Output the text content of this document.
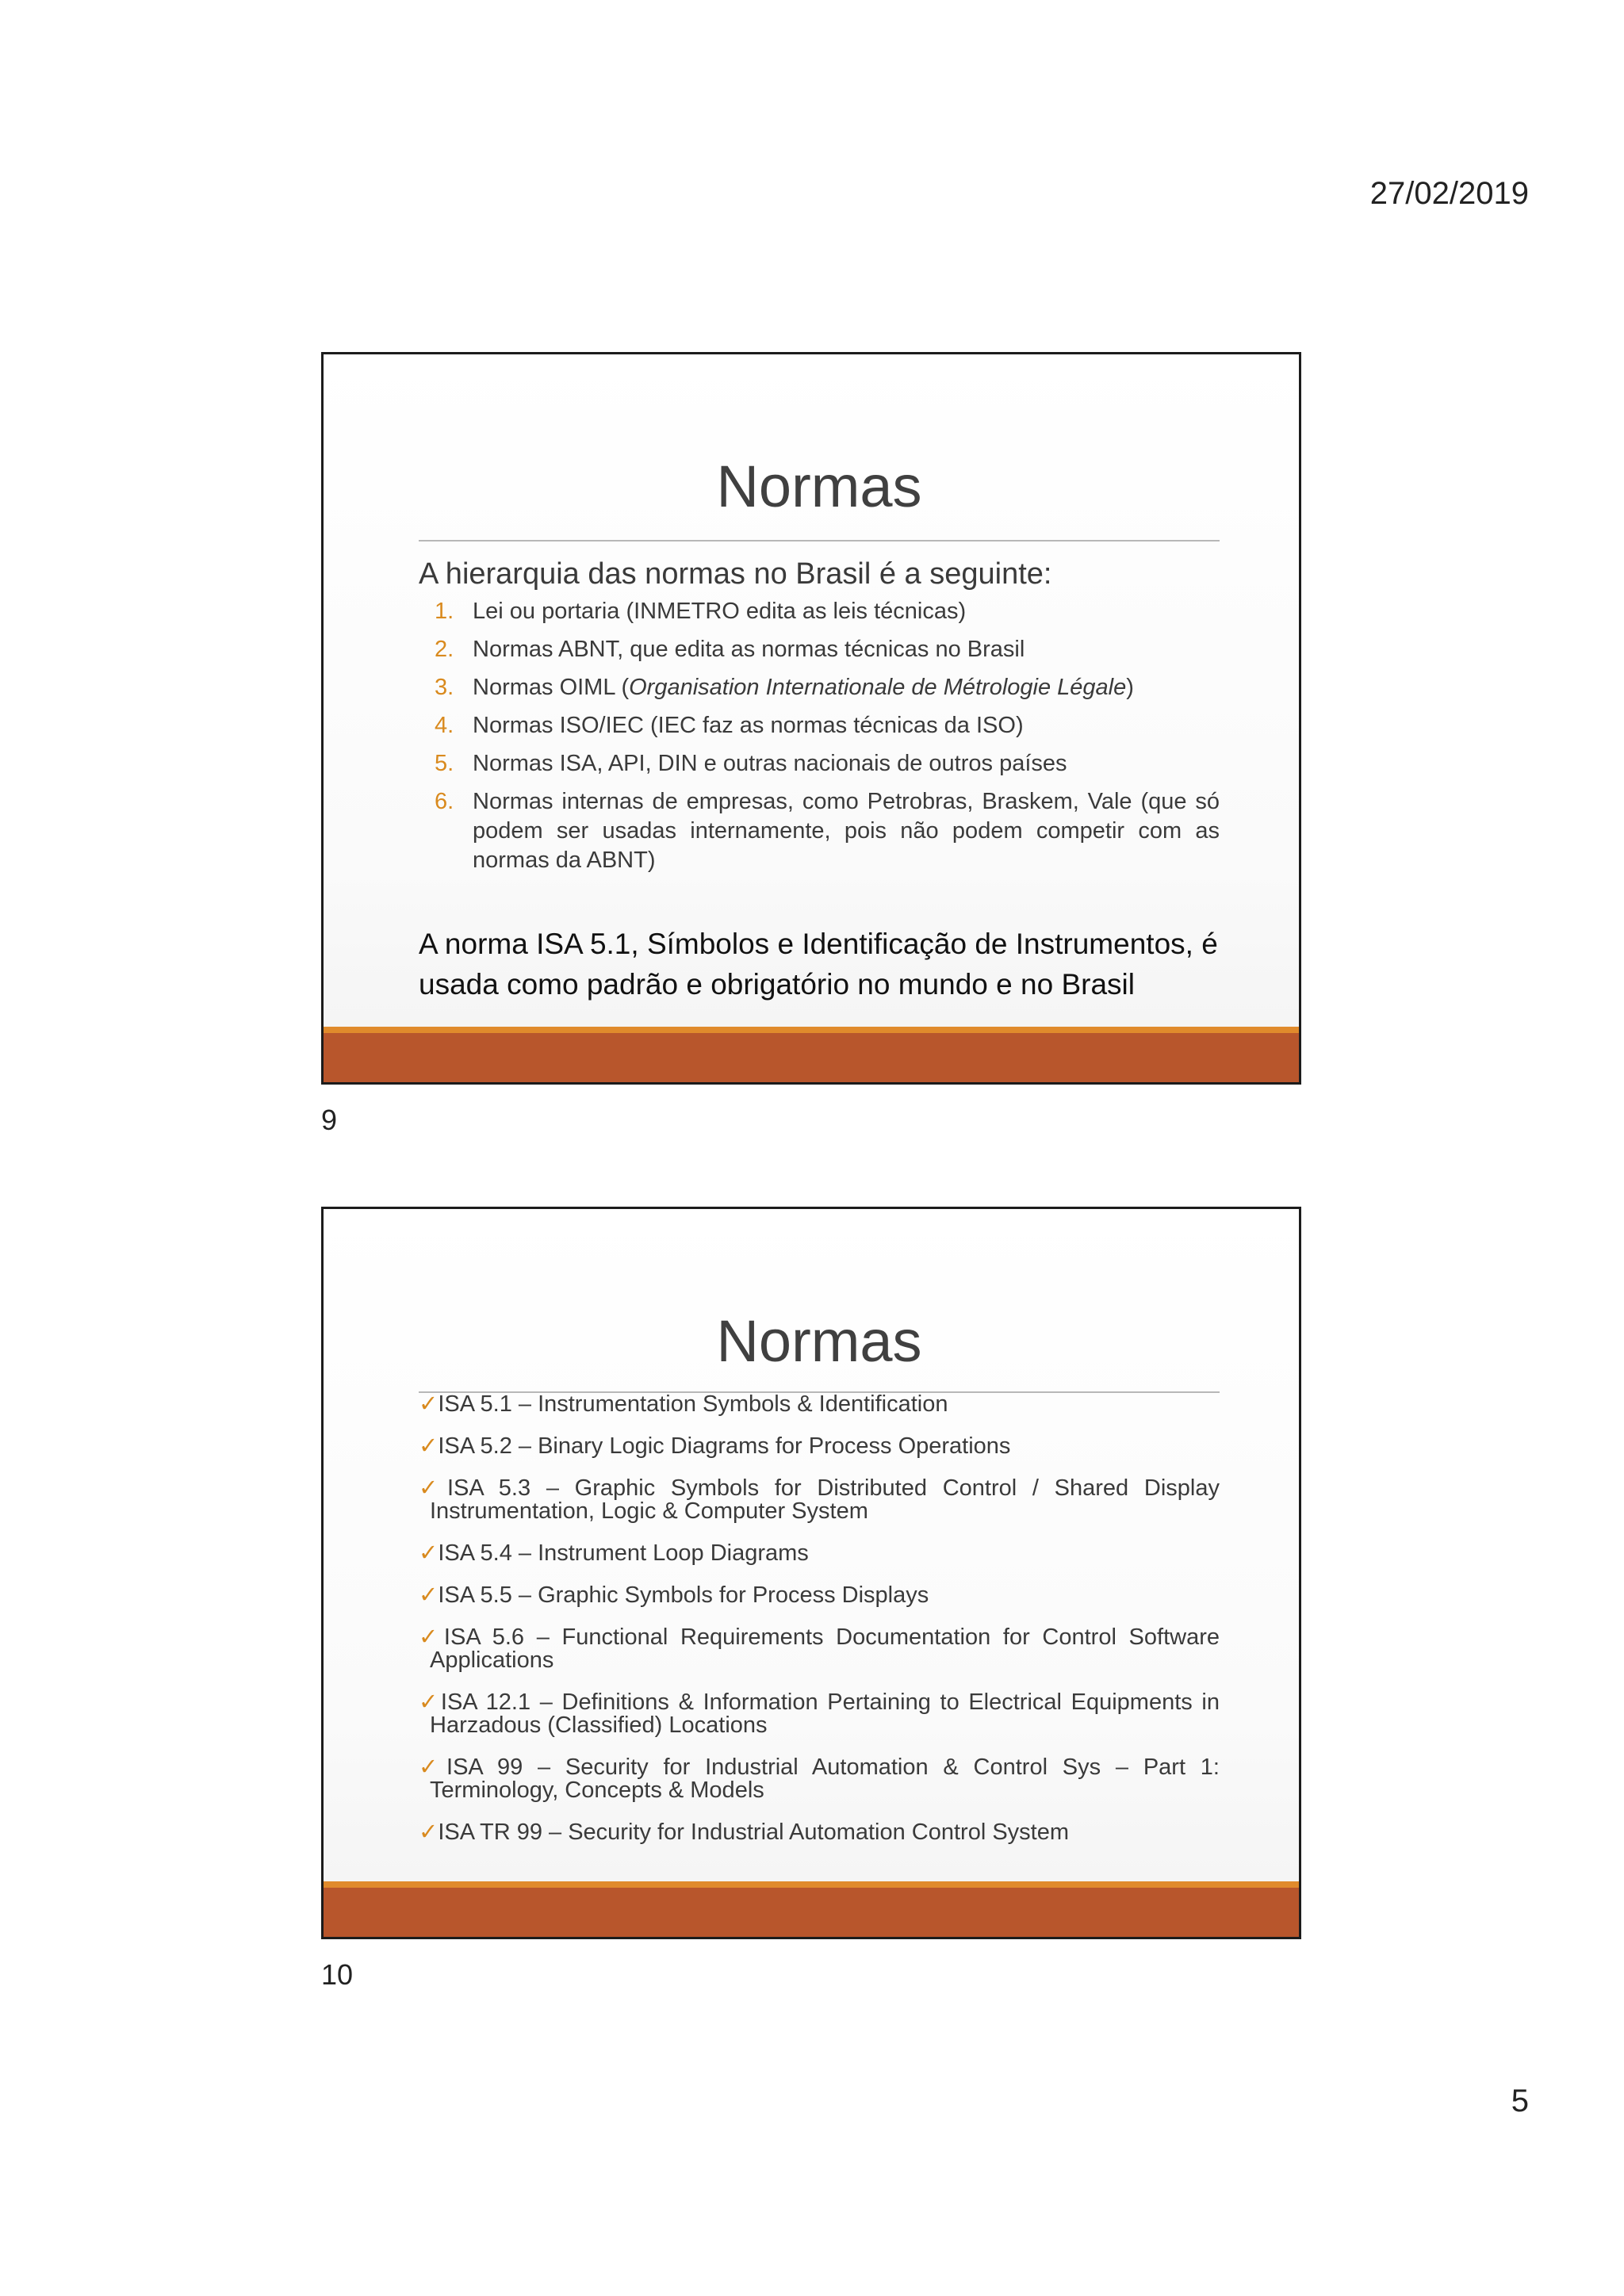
27/02/2019
Normas
A hierarquia das normas no Brasil é a seguinte:
1. Lei ou portaria (INMETRO edita as leis técnicas)
2. Normas ABNT, que edita as normas técnicas no Brasil
3. Normas OIML (Organisation Internationale de Métrologie Légale)
4. Normas ISO/IEC (IEC faz as normas técnicas da ISO)
5. Normas ISA, API, DIN e outras nacionais de outros países
6. Normas internas de empresas, como Petrobras, Braskem, Vale (que só podem ser usadas internamente, pois não podem competir com as normas da ABNT)
A norma ISA 5.1, Símbolos e Identificação de Instrumentos, é usada como padrão e obrigatório no mundo e no Brasil
9
Normas
✓ISA 5.1 – Instrumentation Symbols & Identification
✓ISA 5.2 – Binary Logic Diagrams for Process Operations
✓ISA 5.3 – Graphic Symbols for Distributed Control / Shared Display Instrumentation, Logic & Computer System
✓ISA 5.4 – Instrument Loop Diagrams
✓ISA 5.5 – Graphic Symbols for Process Displays
✓ISA 5.6 – Functional Requirements Documentation for Control Software Applications
✓ISA 12.1 – Definitions & Information Pertaining to Electrical Equipments in Harzadous (Classified) Locations
✓ISA 99 – Security for Industrial Automation & Control Sys – Part 1: Terminology, Concepts & Models
✓ISA TR 99 – Security for Industrial Automation Control System
10
5
